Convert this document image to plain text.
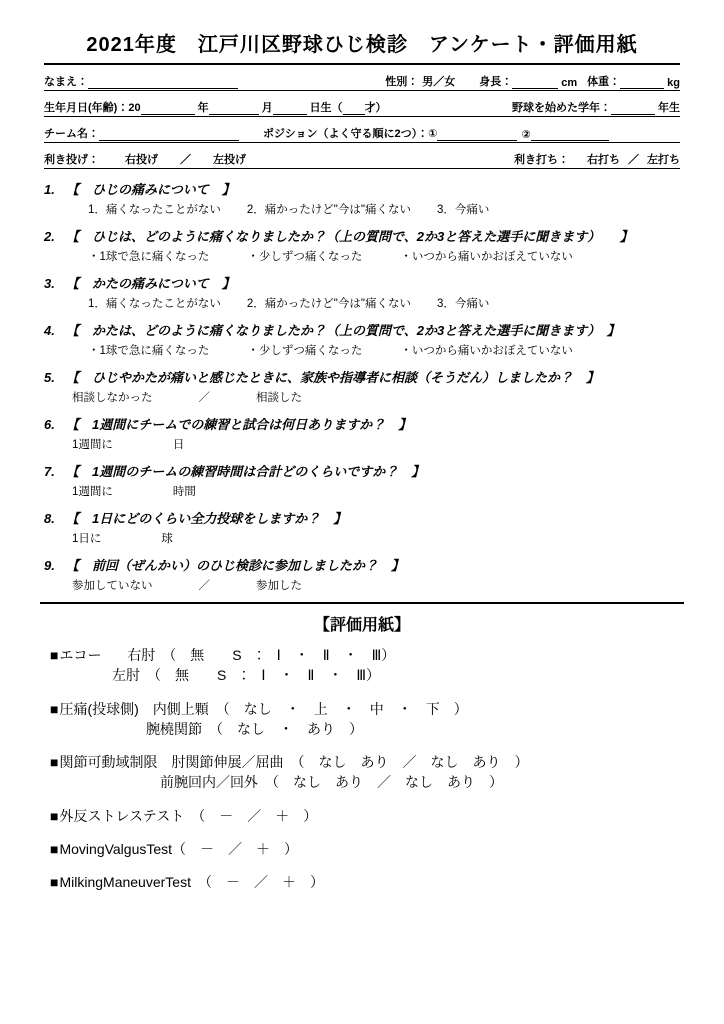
2021年度　江戸川区野球ひじ検診　アンケート・評価用紙
なまえ：	性別： 男／女 身長：	cm 体重：	kg
生年月日(年齢)：20	年	月	日生（ 才）	野球を始めた学年：	年生
チーム名：	ポジション（よく守る順に2つ）：①	②
利き投げ： 右投げ ／ 左投げ	利き打ち： 右打ち ／ 左打ち
1. 【　ひじの痛みについて　】
1．痛くなったことがない 2．痛かったけど"今は"痛くない 3．今痛い
2. 【　ひじは、どのように痛くなりましたか？（上の質問で、2か3と答えた選手に聞きます）　　】
・1球で急に痛くなった	・少しずつ痛くなった	・いつから痛いかおぼえていない
3. 【　かたの痛みについて　】
1．痛くなったことがない 2．痛かったけど"今は"痛くない 3．今痛い
4. 【　かたは、どのように痛くなりましたか？（上の質問で、2か3と答えた選手に聞きます）　】
・1球で急に痛くなった	・少しずつ痛くなった	・いつから痛いかおぼえていない
5. 【　ひじやかたが痛いと感じたときに、家族や指導者に相談（そうだん）しましたか？　】
相談しなかった	／	相談した
6. 【　1週間にチームでの練習と試合は何日ありますか？　】
1週間に	日
7. 【　1週間のチームの練習時間は合計どのくらいですか？　】
1週間に	時間
8. 【　1日にどのくらい全力投球をしますか？　】
1日に	球
9. 【　前回（ぜんかい）のひじ検診に参加しましたか？　】
参加していない	／	参加した
【評価用紙】
■ エコー 右肘　（　無　　S　：　Ⅰ　・　Ⅱ　・　Ⅲ）
左肘　（　無　　S　：　Ⅰ　・　Ⅱ　・　Ⅲ）
■ 圧痛(投球側)　内側上顆　（　なし　・　上　・　中　・　下　）
腕橈関節　（　なし　・　あり　）
■ 関節可動域制限　肘関節伸展／屈曲　（　なし　あり　／　なし　あり　）
前腕回内／回外　（　なし　あり　／　なし　あり　）
■ 外反ストレステスト　（　－　／　＋　）
■ MovingValgusTest（　－　／　＋　）
■ MilkingManeuverTest　（　－　／　＋　）
